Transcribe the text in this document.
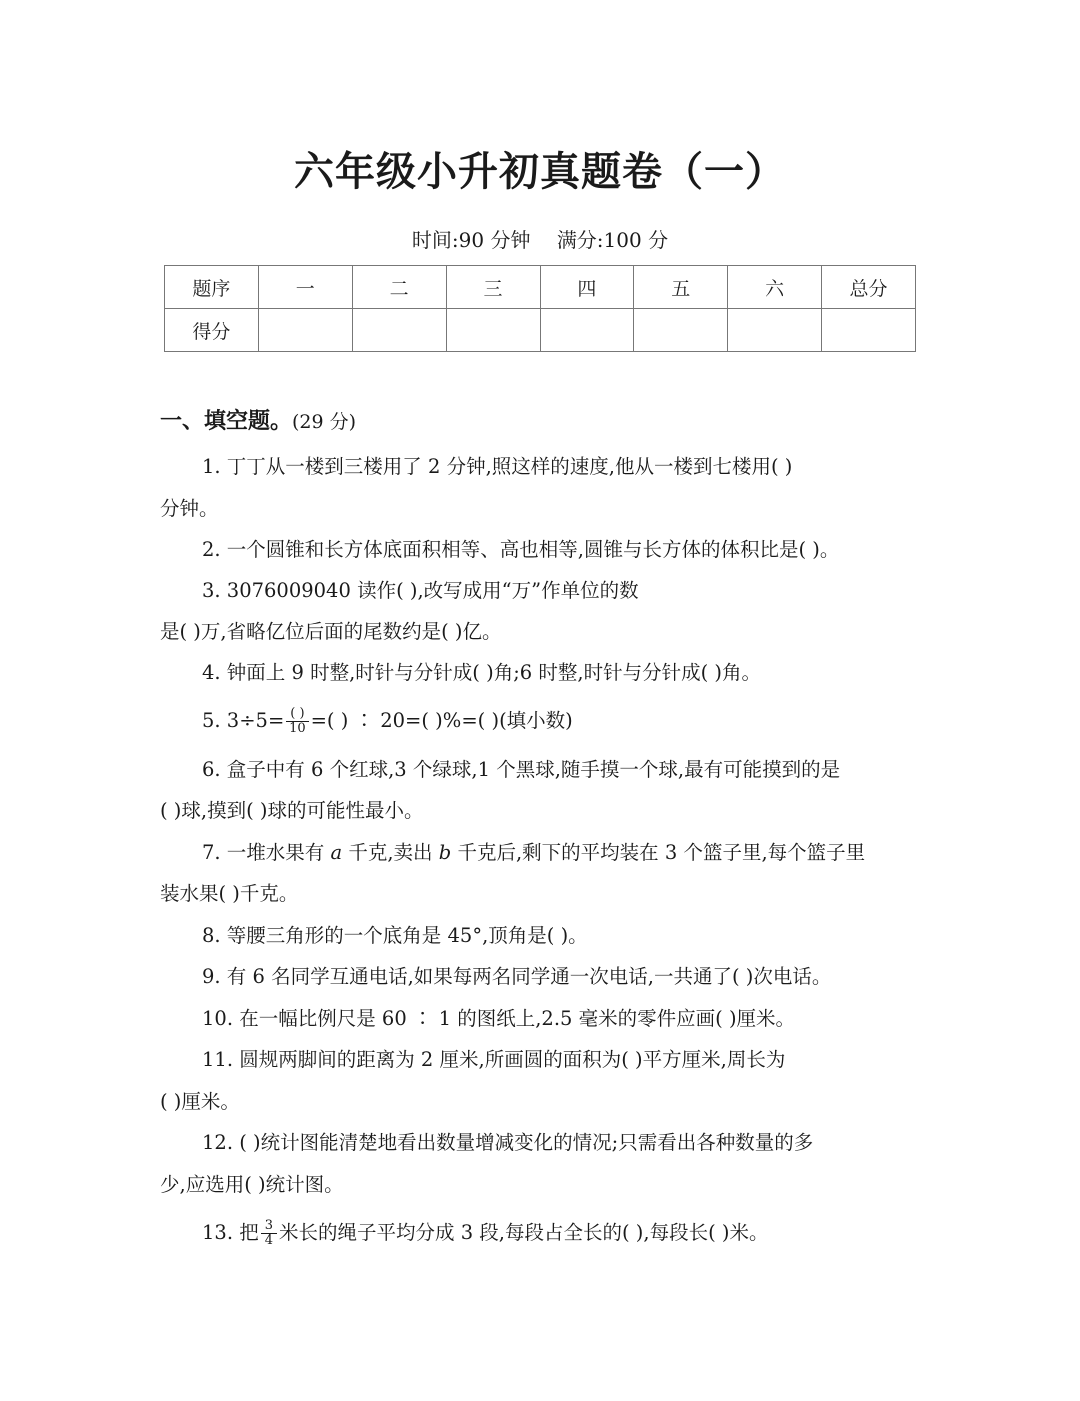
六年级小升初真题卷（一）
时间:90 分钟 满分:100 分
题序	一	二	三	四	五	六	总分
得分							
一、填空题。(29 分)
1. 丁丁从一楼到三楼用了 2 分钟,照这样的速度,他从一楼到七楼用( )
分钟。
2. 一个圆锥和长方体底面积相等、高也相等,圆锥与长方体的体积比是( )。
3. 3076009040 读作( ),改写成用“万”作单位的数
是( )万,省略亿位后面的尾数约是( )亿。
4. 钟面上 9 时整,时针与分针成( )角;6 时整,时针与分针成( )角。
5. $3\div 5= \frac{( )}{10}$ =( ) ∶ 20=( )%=( )(填小数)
6. 盒子中有 6 个红球,3 个绿球,1 个黑球,随手摸一个球,最有可能摸到的是
( )球,摸到( )球的可能性最小。
7. 一堆水果有 a 千克,卖出 b 千克后,剩下的平均装在 3 个篮子里,每个篮子里
装水果( )千克。
8. 等腰三角形的一个底角是 45°,顶角是( )。
9. 有 6 名同学互通电话,如果每两名同学通一次电话,一共通了( )次电话。
10. 在一幅比例尺是 60 ∶ 1 的图纸上,2.5 毫米的零件应画( )厘米。
11. 圆规两脚间的距离为 2 厘米,所画圆的面积为( )平方厘米,周长为
( )厘米。
12. ( )统计图能清楚地看出数量增减变化的情况;只需看出各种数量的多
少,应选用( )统计图。
13. 把 $\frac{3}{4}$ 米长的绳子平均分成 3 段,每段占全长的( ),每段长( )米。
